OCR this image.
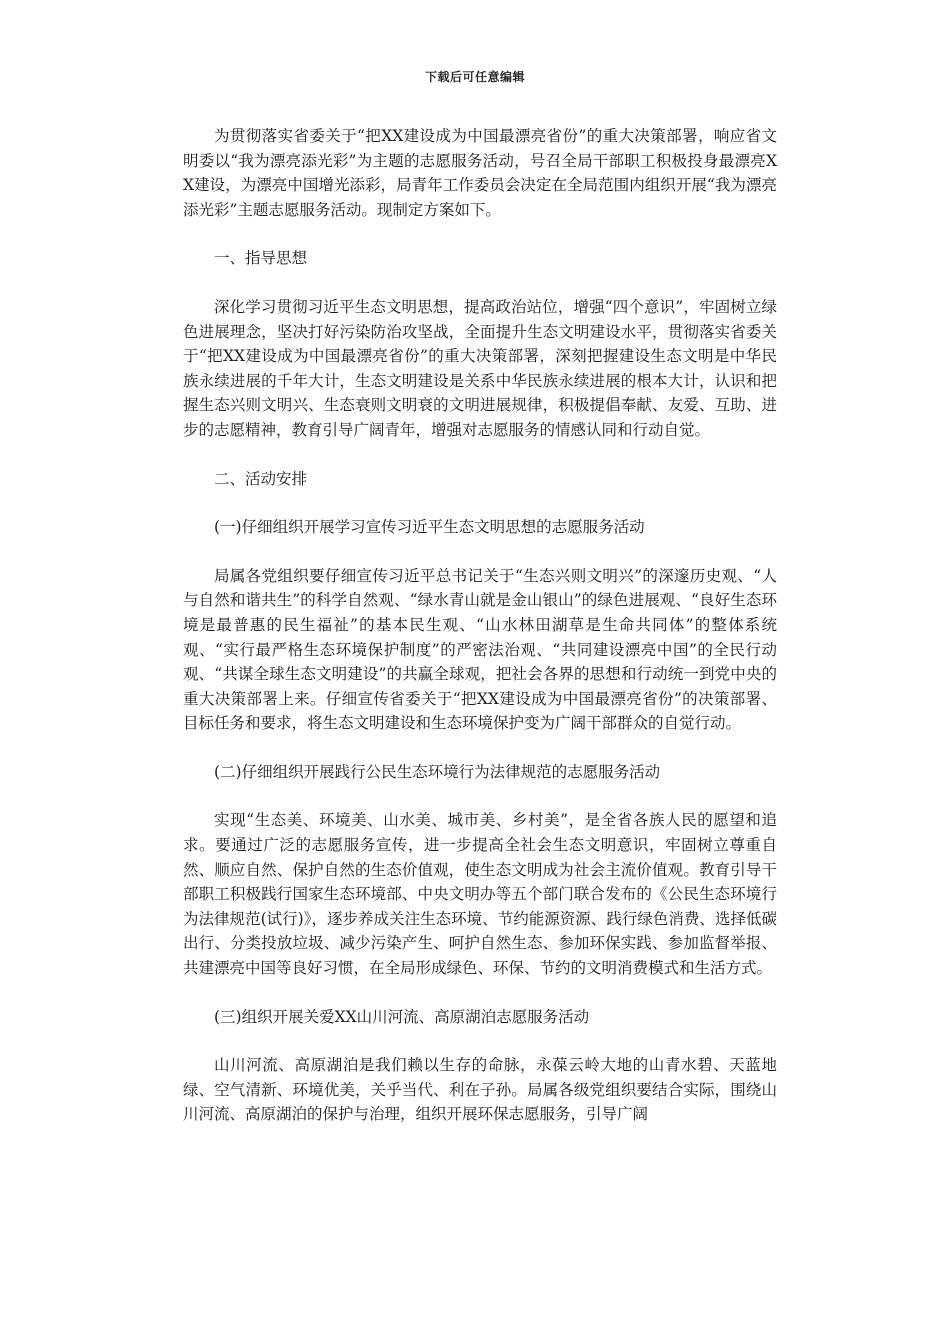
下载后可任意编辑

为贯彻落实省委关于“把XX建设成为中国最漂亮省份”的重大决策部署，响应省文明委以“我为漂亮添光彩”为主题的志愿服务活动，号召全局干部职工积极投身最漂亮XX建设，为漂亮中国增光添彩，局青年工作委员会决定在全局范围内组织开展“我为漂亮添光彩”主题志愿服务活动。现制定方案如下。

一、指导思想

深化学习贯彻习近平生态文明思想，提高政治站位，增强“四个意识”，牢固树立绿色进展理念，坚决打好污染防治攻坚战，全面提升生态文明建设水平，贯彻落实省委关于“把XX建设成为中国最漂亮省份”的重大决策部署，深刻把握建设生态文明是中华民族永续进展的千年大计，生态文明建设是关系中华民族永续进展的根本大计，认识和把握生态兴则文明兴、生态衰则文明衰的文明进展规律，积极提倡奉献、友爱、互助、进步的志愿精神，教育引导广阔青年，增强对志愿服务的情感认同和行动自觉。

二、活动安排

(一)仔细组织开展学习宣传习近平生态文明思想的志愿服务活动

局属各党组织要仔细宣传习近平总书记关于“生态兴则文明兴”的深邃历史观、“人与自然和谐共生”的科学自然观、“绿水青山就是金山银山”的绿色进展观、“良好生态环境是最普惠的民生福祉”的基本民生观、“山水林田湖草是生命共同体”的整体系统观、“实行最严格生态环境保护制度”的严密法治观、“共同建设漂亮中国”的全民行动观、“共谋全球生态文明建设”的共赢全球观，把社会各界的思想和行动统一到党中央的重大决策部署上来。仔细宣传省委关于“把XX建设成为中国最漂亮省份”的决策部署、目标任务和要求，将生态文明建设和生态环境保护变为广阔干部群众的自觉行动。

(二)仔细组织开展践行公民生态环境行为法律规范的志愿服务活动

实现“生态美、环境美、山水美、城市美、乡村美”，是全省各族人民的愿望和追求。要通过广泛的志愿服务宣传，进一步提高全社会生态文明意识，牢固树立尊重自然、顺应自然、保护自然的生态价值观，使生态文明成为社会主流价值观。教育引导干部职工积极践行国家生态环境部、中央文明办等五个部门联合发布的《公民生态环境行为法律规范(试行)》，逐步养成关注生态环境、节约能源资源、践行绿色消费、选择低碳出行、分类投放垃圾、减少污染产生、呵护自然生态、参加环保实践、参加监督举报、共建漂亮中国等良好习惯，在全局形成绿色、环保、节约的文明消费模式和生活方式。

(三)组织开展关爱XX山川河流、高原湖泊志愿服务活动

山川河流、高原湖泊是我们赖以生存的命脉，永葆云岭大地的山青水碧、天蓝地绿、空气清新、环境优美，关乎当代、利在子孙。局属各级党组织要结合实际，围绕山川河流、高原湖泊的保护与治理，组织开展环保志愿服务，引导广阔
